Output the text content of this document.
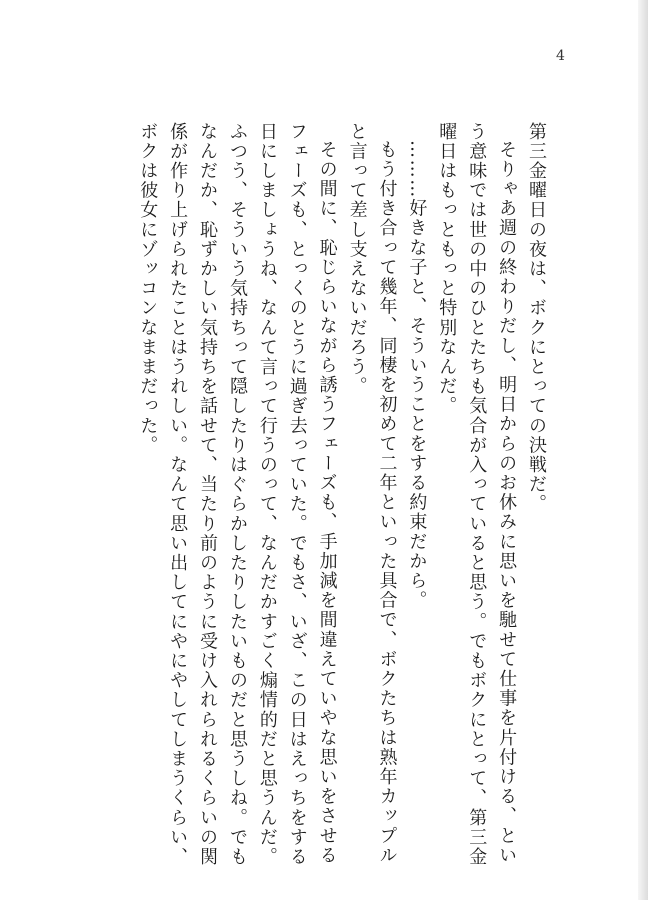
4

第三金曜日の夜は、ボクにとっての決戦だ。

そりゃあ週の終わりだし、明日からのお休みに思いを馳せて仕事を片付ける、という意味では世の中のひとたちも気合が入っていると思う。でもボクにとって、第三金曜日はもっともっと特別なんだ。

………好きな子と、そういうことをする約束だから。

もう付き合って幾年、同棲を初めて二年といった具合で、ボクたちは熟年カップルと言って差し支えないだろう。

その間に、恥じらいながら誘うフェーズも、手加減を間違えていやな思いをさせるフェーズも、とっくのとうに過ぎ去っていた。でもさ、いざ、この日はえっちをする日にしましょうね、なんて言って行うのって、なんだかすごく煽情的だと思うんだ。ふつう、そういう気持ちって隠したりはぐらかしたりしたいものだと思うしね。でもなんだか、恥ずかしい気持ちを話せて、当たり前のように受け入れられるくらいの関係が作り上げられたことはうれしい。なんて思い出してにやにやしてしまうくらい、ボクは彼女にゾッコンなままだった。
